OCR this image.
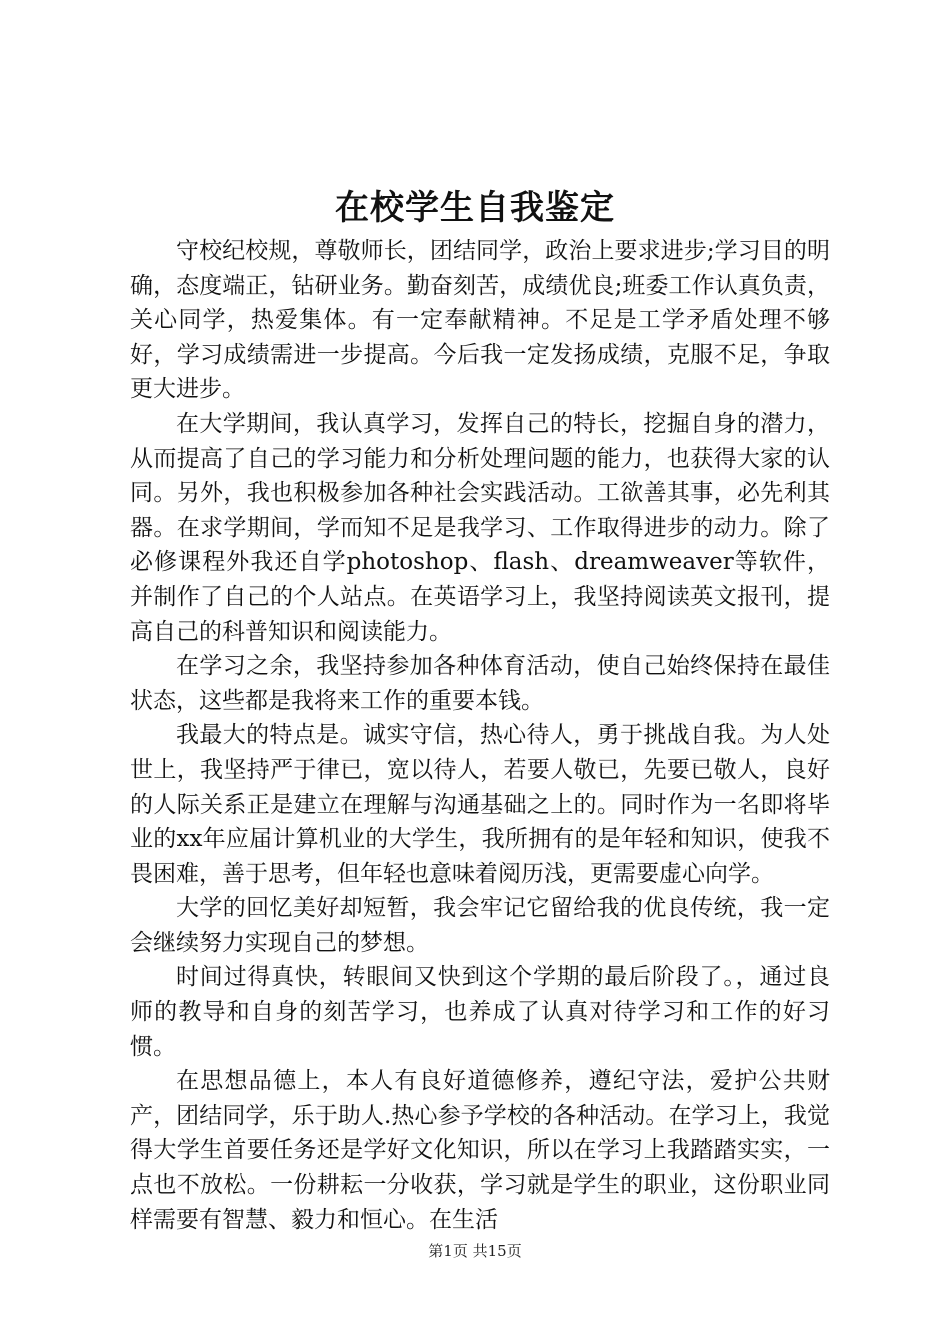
在校学生自我鉴定

守校纪校规，尊敬师长，团结同学，政治上要求进步;学习目的明确，态度端正，钻研业务。勤奋刻苦，成绩优良;班委工作认真负责，关心同学，热爱集体。有一定奉献精神。不足是工学矛盾处理不够好，学习成绩需进一步提高。今后我一定发扬成绩，克服不足，争取更大进步。

在大学期间，我认真学习，发挥自己的特长，挖掘自身的潜力，从而提高了自己的学习能力和分析处理问题的能力，也获得大家的认同。另外，我也积极参加各种社会实践活动。工欲善其事，必先利其器。在求学期间，学而知不足是我学习、工作取得进步的动力。除了必修课程外我还自学photoshop、flash、dreamweaver等软件，并制作了自己的个人站点。在英语学习上，我坚持阅读英文报刊，提高自己的科普知识和阅读能力。

在学习之余，我坚持参加各种体育活动，使自己始终保持在最佳状态，这些都是我将来工作的重要本钱。

我最大的特点是。诚实守信，热心待人，勇于挑战自我。为人处世上，我坚持严于律已，宽以待人，若要人敬已，先要已敬人，良好的人际关系正是建立在理解与沟通基础之上的。同时作为一名即将毕业的xx年应届计算机业的大学生，我所拥有的是年轻和知识，使我不畏困难，善于思考，但年轻也意味着阅历浅，更需要虚心向学。

大学的回忆美好却短暂，我会牢记它留给我的优良传统，我一定会继续努力实现自己的梦想。

时间过得真快，转眼间又快到这个学期的最后阶段了。，通过良师的教导和自身的刻苦学习，也养成了认真对待学习和工作的好习惯。

在思想品德上，本人有良好道德修养，遵纪守法，爱护公共财产，团结同学，乐于助人.热心参予学校的各种活动。在学习上，我觉得大学生首要任务还是学好文化知识，所以在学习上我踏踏实实，一点也不放松。一份耕耘一分收获，学习就是学生的职业，这份职业同样需要有智慧、毅力和恒心。在生活

第1页 共15页
